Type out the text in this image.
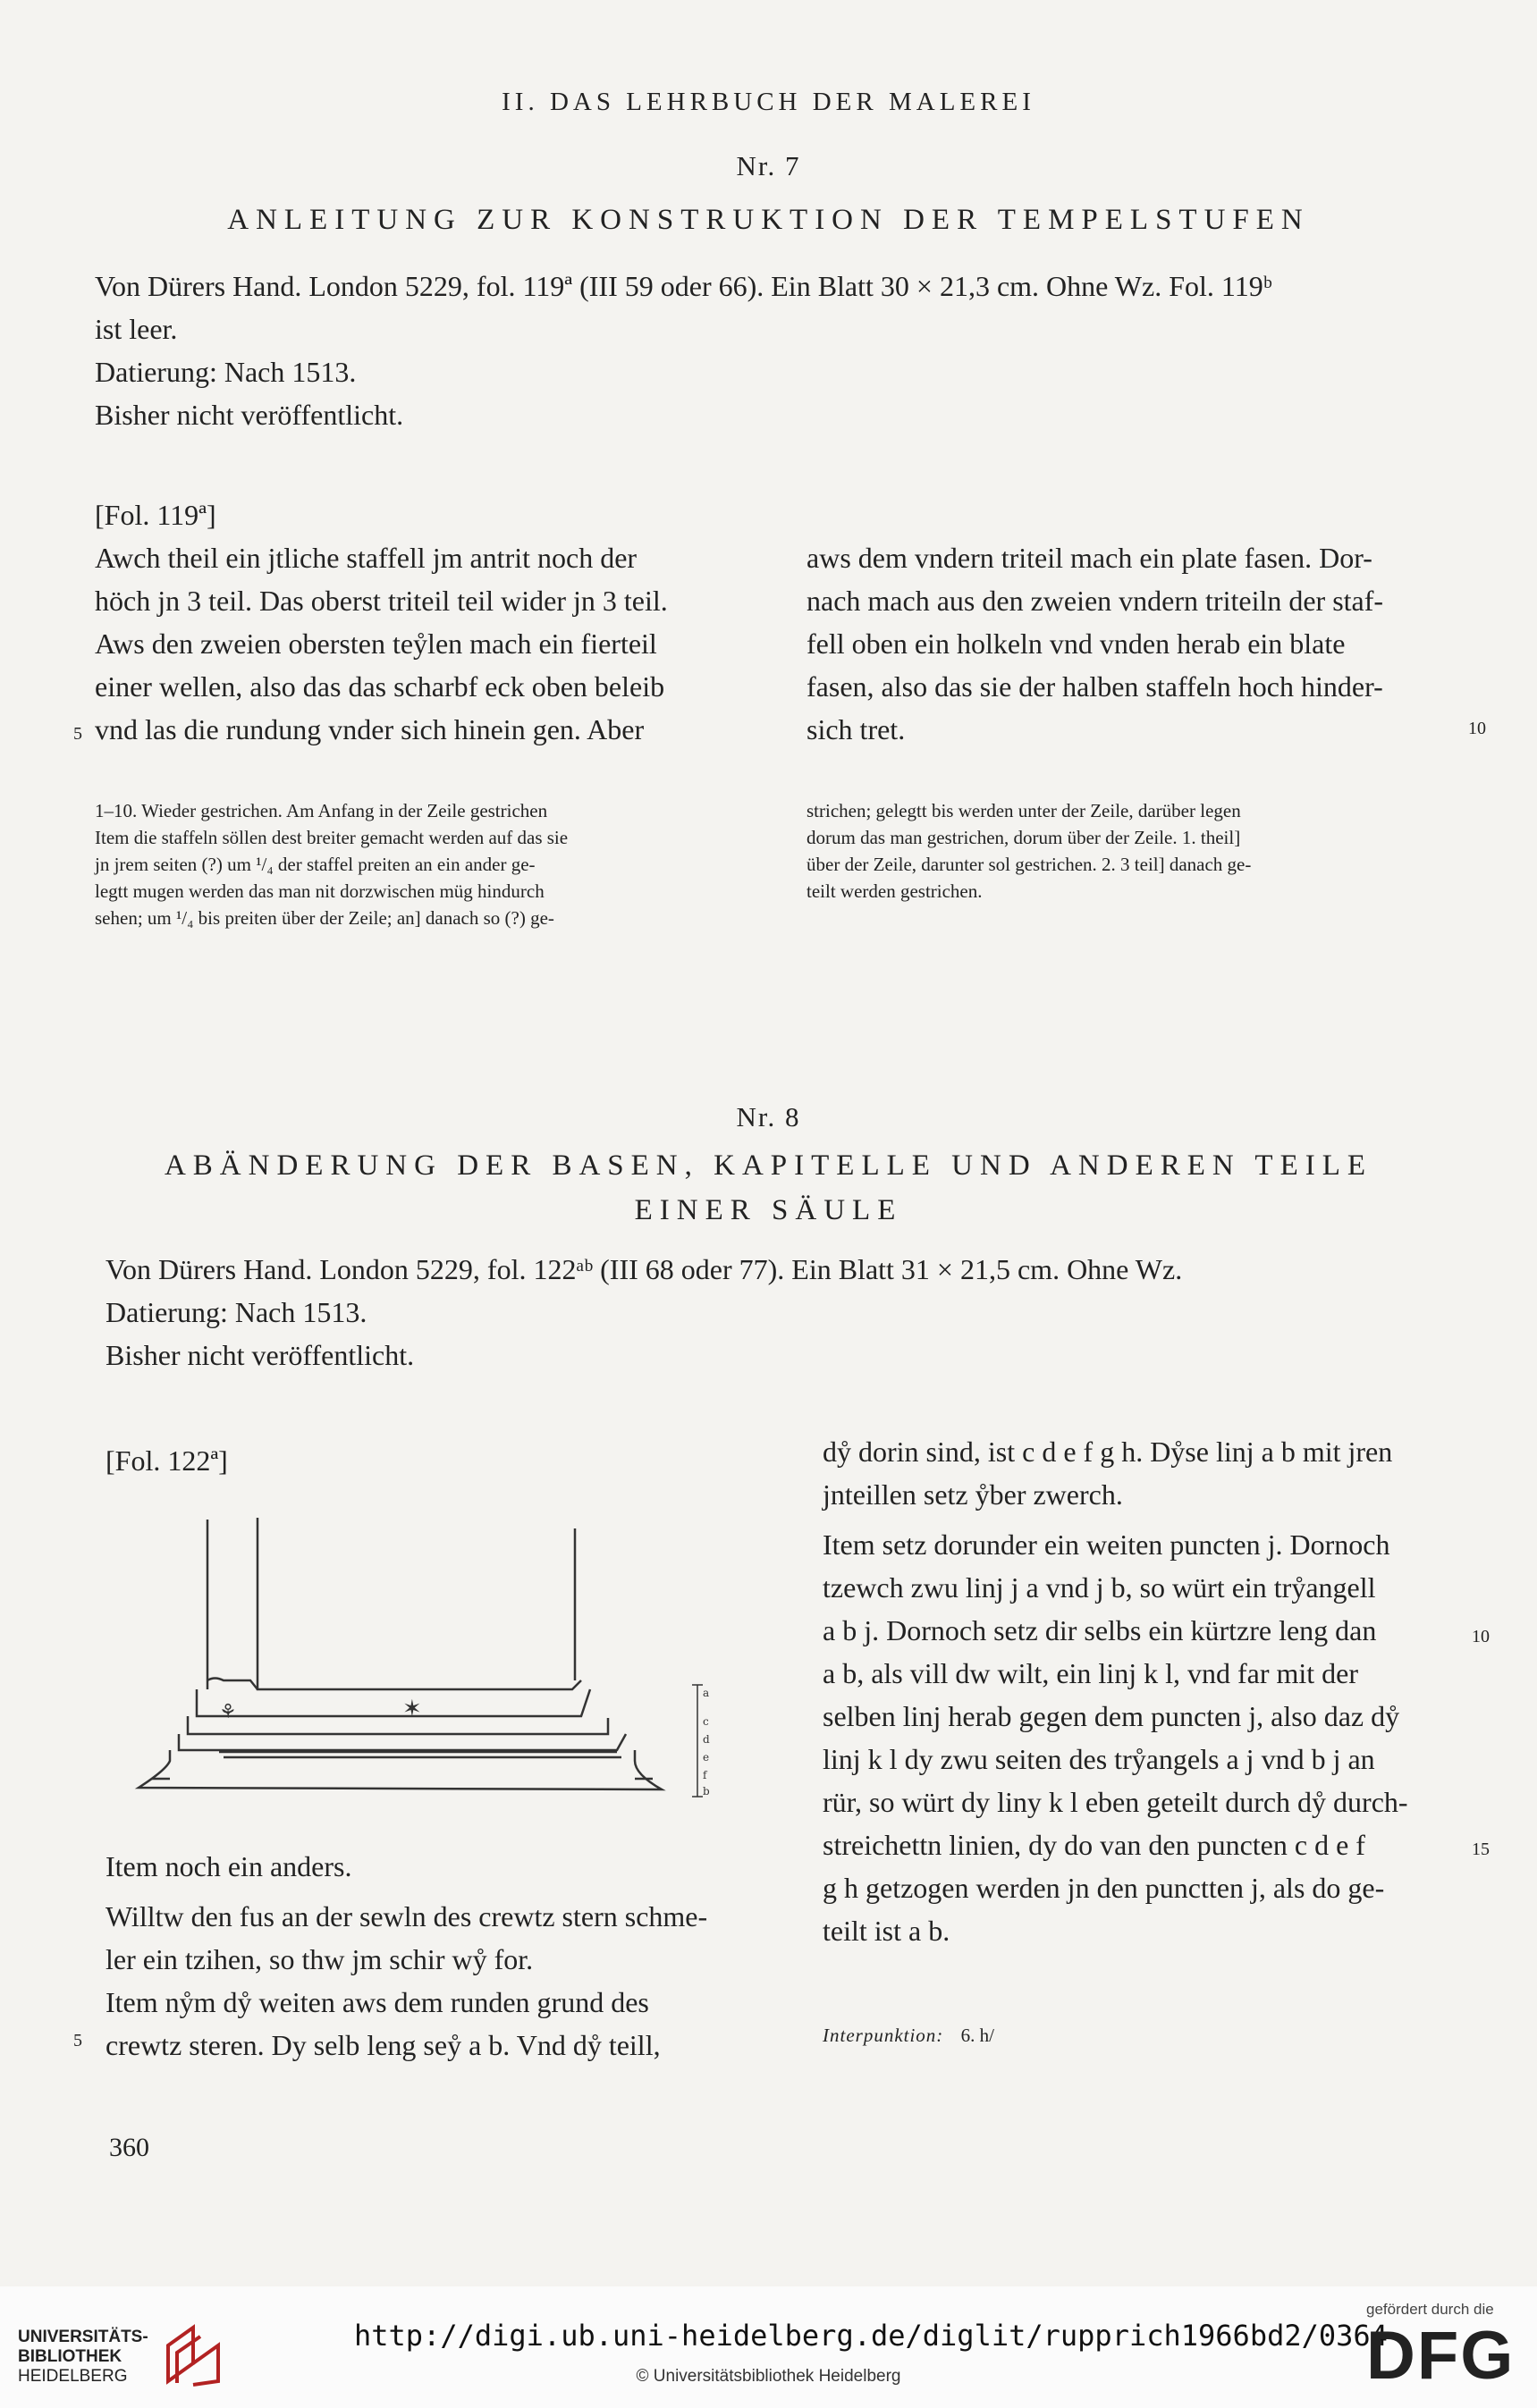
II. DAS LEHRBUCH DER MALEREI
Nr. 7
ANLEITUNG ZUR KONSTRUKTION DER TEMPELSTUFEN
Von Dürers Hand. London 5229, fol. 119ª (III 59 oder 66). Ein Blatt 30 × 21,3 cm. Ohne Wz. Fol. 119ᵇ
ist leer.
Datierung: Nach 1513.
Bisher nicht veröffentlicht.
[Fol. 119ª]

Awch theil ein jtliche staffell jm antrit noch der

höch jn 3 teil. Das oberst triteil teil wider jn 3 teil.

Aws den zweien obersten teẙlen mach ein fierteil

einer wellen, also das das scharbf eck oben beleib

vnd las die rundung vnder sich hinein gen. Aber

5

aws dem vndern triteil mach ein plate fasen. Dor-

nach mach aus den zweien vndern triteiln der staf-

fell oben ein holkeln vnd vnden herab ein blate

fasen, also das sie der halben staffeln hoch hinder-

sich tret.	10

1–10. Wieder gestrichen. Am Anfang in der Zeile gestrichen

Item die staffeln söllen dest breiter gemacht werden auf das sie

jn jrem seiten (?) um ¹/₄ der staffel preiten an ein ander ge-

legtt mugen werden das man nit dorzwischen müg hindurch

sehen; um ¹/₄ bis preiten über der Zeile; an] danach so (?) ge-

strichen; gelegtt bis werden unter der Zeile, darüber legen

dorum das man gestrichen, dorum über der Zeile. 1. theil]

über der Zeile, darunter sol gestrichen. 2. 3 teil] danach ge-

teilt werden gestrichen.

Nr. 8
ABÄNDERUNG DER BASEN, KAPITELLE UND ANDEREN TEILE
EINER SÄULE
Von Dürers Hand. London 5229, fol. 122ᵃᵇ (III 68 oder 77). Ein Blatt 31 × 21,5 cm. Ohne Wz.
Datierung: Nach 1513.
Bisher nicht veröffentlicht.
[Fol. 122ª]
⚘	✶
a
c
d
e
f
b

Item noch ein anders.

Willtw den fus an der sewln des crewtz stern schme-

ler ein tzihen, so thw jm schir wẙ for.

Item nẙm dẙ weiten aws dem runden grund des

crewtz steren. Dy selb leng seẙ a b. Vnd dẙ teill,

5

dẙ dorin sind, ist c d e f g h. Dẙse linj a b mit jren

jnteillen setz ẙber zwerch.

Item setz dorunder ein weiten puncten j. Dornoch

tzewch zwu linj j a vnd j b, so würt ein trẙangell

a b j. Dornoch setz dir selbs ein kürtzre leng dan

a b, als vill dw wilt, ein linj k l, vnd far mit der

selben linj herab gegen dem puncten j, also daz dẙ

linj k l dy zwu seiten des trẙangels a j vnd b j an

rür, so würt dy liny k l eben geteilt durch dẙ durch-

streichettn linien, dy do van den puncten c d e f

g h getzogen werden jn den punctten j, als do ge-

teilt ist a b.

10
15
Interpunktion: 6. h/
360
UNIVERSITÄTS-
BIBLIOTHEK
HEIDELBERG
http://digi.ub.uni-heidelberg.de/diglit/rupprich1966bd2/0364
© Universitätsbibliothek Heidelberg
gefördert durch die
DFG
